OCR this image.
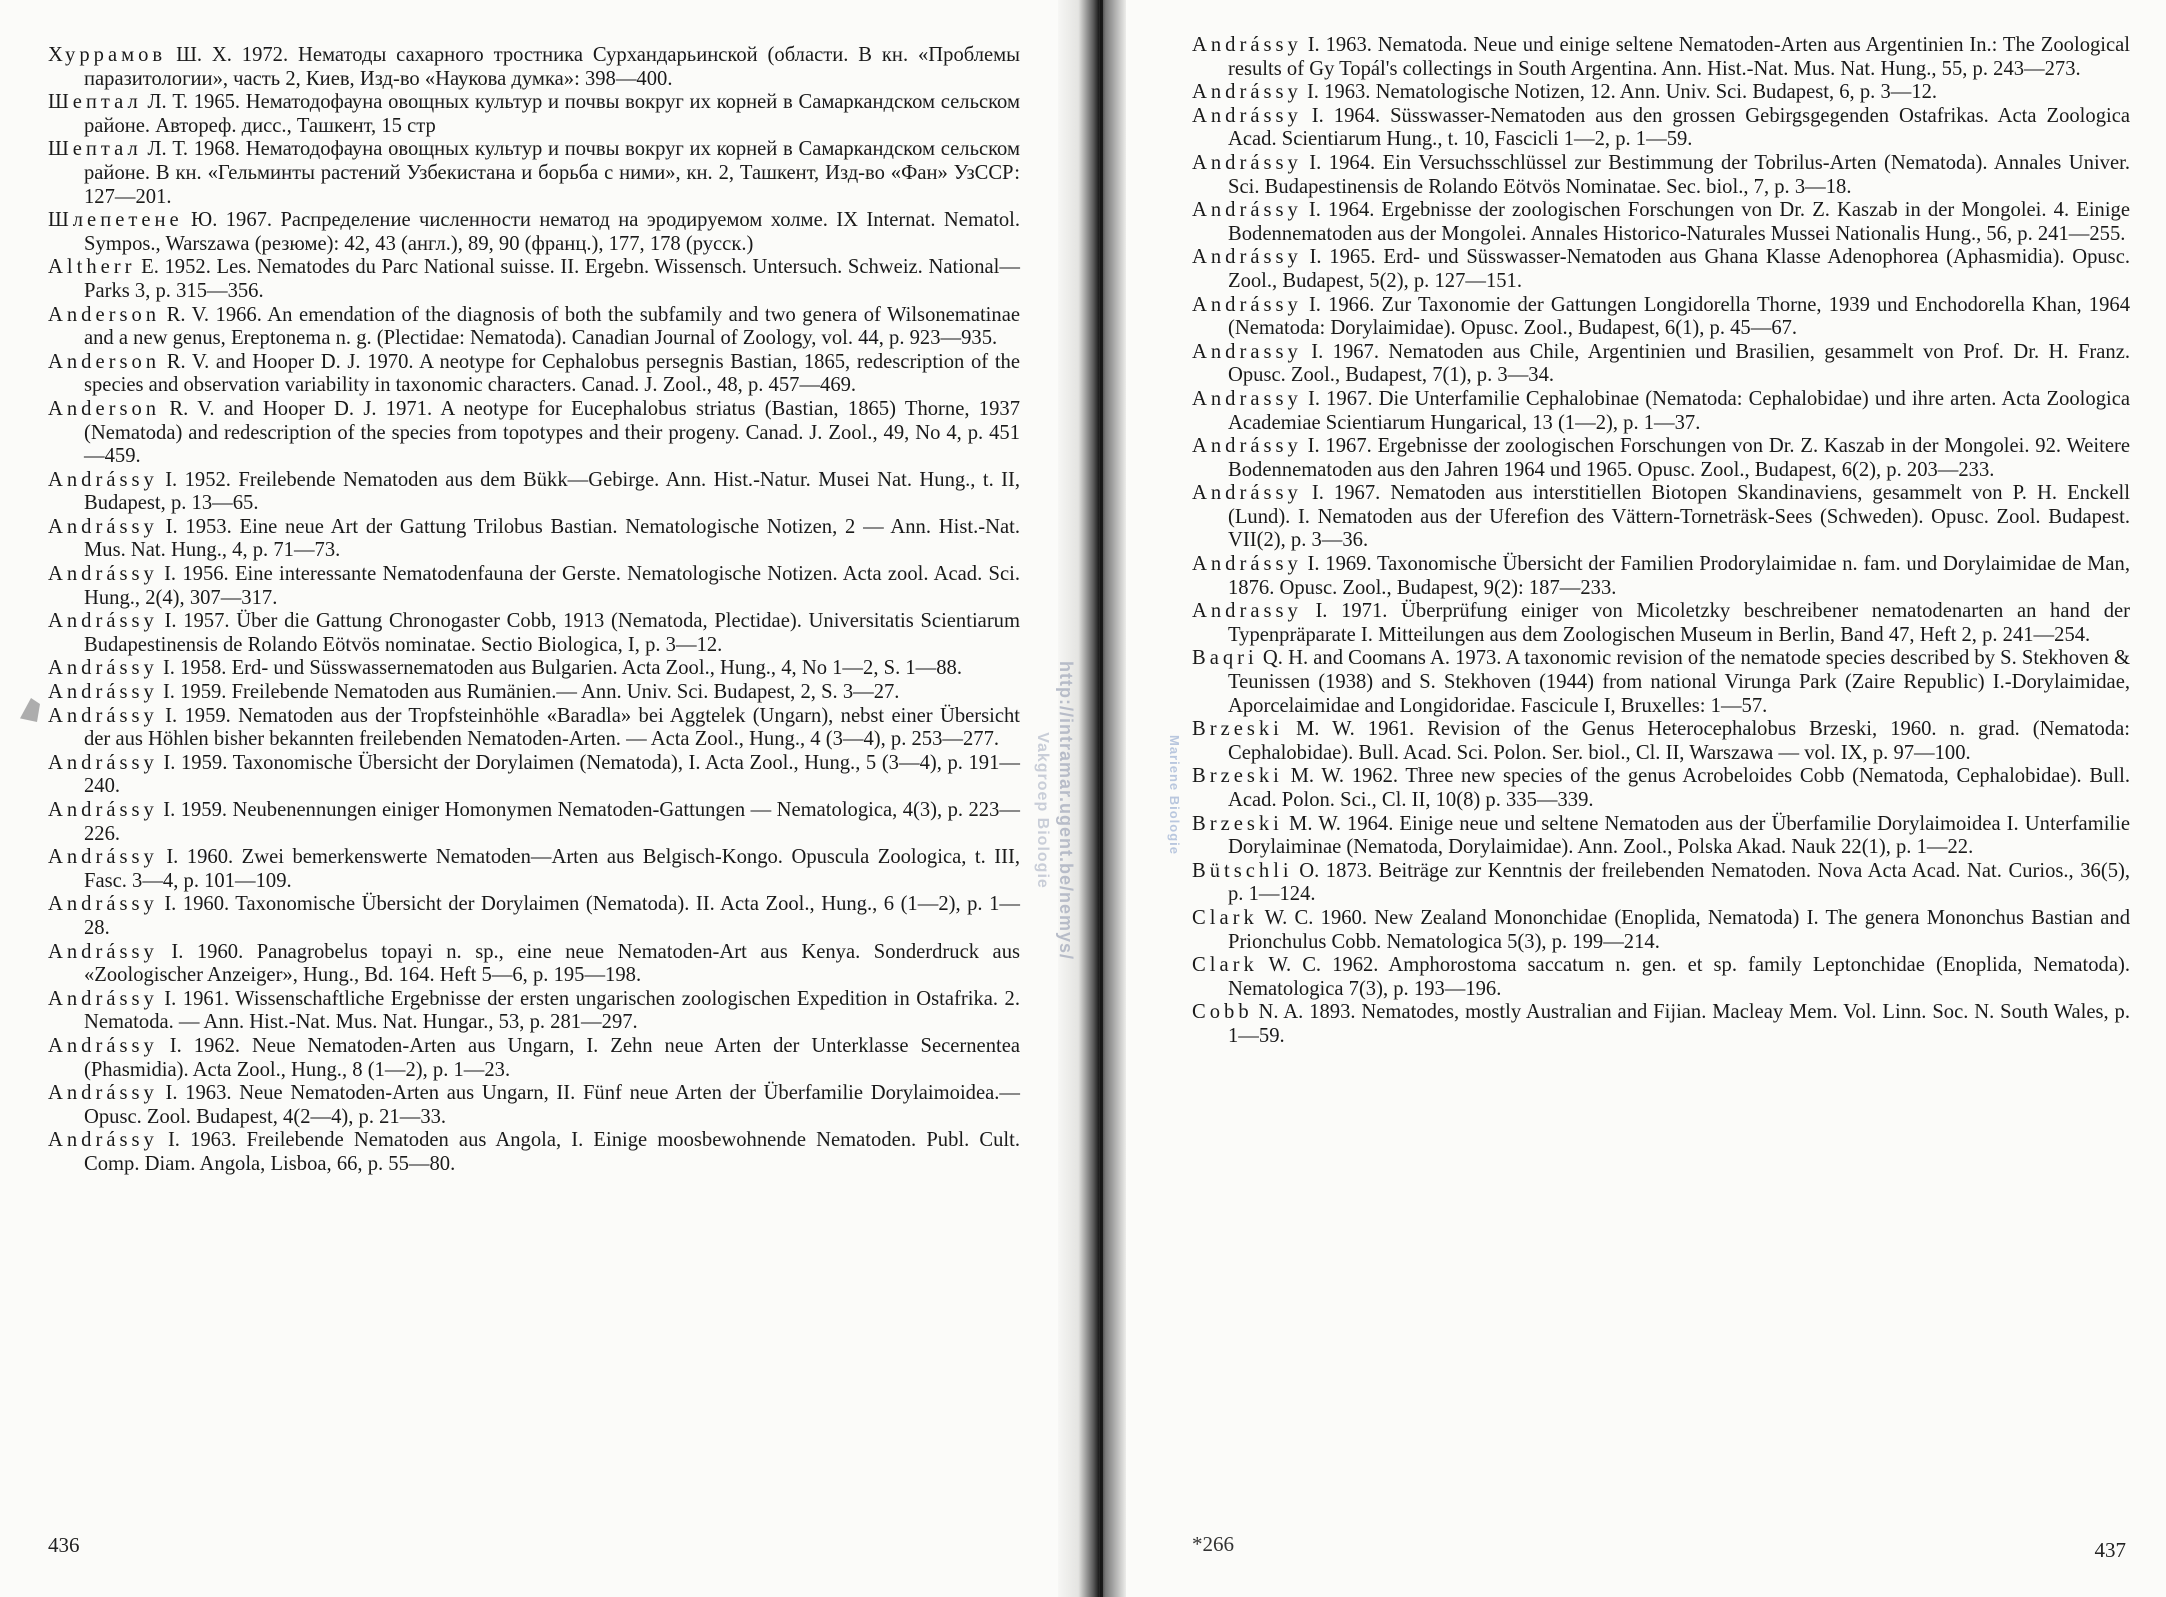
Хуррамов Ш. Х. 1972. Нематоды сахарного тростника Сурхандарьинской (области. В кн. «Проблемы паразитологии», часть 2, Киев, Изд-во «Наукова думка»: 398—400.
Шептал Л. Т. 1965. Нематодофауна овощных культур и почвы вокруг их корней в Самаркандском сельском районе. Автореф. дисс., Ташкент, 15 стр
Шептал Л. Т. 1968. Нематодофауна овощных культур и почвы вокруг их корней в Самаркандском сельском районе. В кн. «Гельминты растений Узбекистана и борьба с ними», кн. 2, Ташкент, Изд-во «Фан» УзССР: 127—201.
Шлепетене Ю. 1967. Распределение численности нематод на эродируемом холме. IX Internat. Nematol. Sympos., Warszawa (резюме): 42, 43 (англ.), 89, 90 (франц.), 177, 178 (русск.)
Altherr E. 1952. Les. Nematodes du Parc National suisse. II. Ergebn. Wissensch. Untersuch. Schweiz. National—Parks 3, p. 315—356.
Anderson R. V. 1966. An emendation of the diagnosis of both the subfamily and two genera of Wilsonematinae and a new genus, Ereptonema n. g. (Plectidae: Nematoda). Canadian Journal of Zoology, vol. 44, p. 923—935.
Anderson R. V. and Hooper D. J. 1970. A neotype for Cephalobus persegnis Bastian, 1865, redescription of the species and observation variability in taxonomic characters. Canad. J. Zool., 48, p. 457—469.
Anderson R. V. and Hooper D. J. 1971. A neotype for Eucephalobus striatus (Bastian, 1865) Thorne, 1937 (Nematoda) and redescription of the species from topotypes and their progeny. Canad. J. Zool., 49, No 4, p. 451—459.
Andrássy I. 1952. Freilebende Nematoden aus dem Bükk—Gebirge. Ann. Hist.-Natur. Musei Nat. Hung., t. II, Budapest, p. 13—65.
Andrássy I. 1953. Eine neue Art der Gattung Trilobus Bastian. Nematologische Notizen, 2 — Ann. Hist.-Nat. Mus. Nat. Hung., 4, p. 71—73.
Andrássy I. 1956. Eine interessante Nematodenfauna der Gerste. Nematologische Notizen. Acta zool. Acad. Sci. Hung., 2(4), 307—317.
Andrássy I. 1957. Über die Gattung Chronogaster Cobb, 1913 (Nematoda, Plectidae). Universitatis Scientiarum Budapestinensis de Rolando Eötvös nominatae. Sectio Biologica, I, p. 3—12.
Andrássy I. 1958. Erd- und Süsswassernematoden aus Bulgarien. Acta Zool., Hung., 4, No 1—2, S. 1—88.
Andrássy I. 1959. Freilebende Nematoden aus Rumänien.— Ann. Univ. Sci. Budapest, 2, S. 3—27.
Andrássy I. 1959. Nematoden aus der Tropfsteinhöhle «Baradla» bei Aggtelek (Ungarn), nebst einer Übersicht der aus Höhlen bisher bekannten freilebenden Nematoden-Arten. — Acta Zool., Hung., 4 (3—4), p. 253—277.
Andrássy I. 1959. Taxonomische Übersicht der Dorylaimen (Nematoda), I. Acta Zool., Hung., 5 (3—4), p. 191—240.
Andrássy I. 1959. Neubenennungen einiger Homonymen Nematoden-Gattungen — Nematologica, 4(3), p. 223—226.
Andrássy I. 1960. Zwei bemerkenswerte Nematoden—Arten aus Belgisch-Kongo. Opuscula Zoologica, t. III, Fasc. 3—4, p. 101—109.
Andrássy I. 1960. Taxonomische Übersicht der Dorylaimen (Nematoda). II. Acta Zool., Hung., 6 (1—2), p. 1—28.
Andrássy I. 1960. Panagrobelus topayi n. sp., eine neue Nematoden-Art aus Kenya. Sonderdruck aus «Zoologischer Anzeiger», Hung., Bd. 164. Heft 5—6, p. 195—198.
Andrássy I. 1961. Wissenschaftliche Ergebnisse der ersten ungarischen zoologischen Expedition in Ostafrika. 2. Nematoda. — Ann. Hist.-Nat. Mus. Nat. Hungar., 53, p. 281—297.
Andrássy I. 1962. Neue Nematoden-Arten aus Ungarn, I. Zehn neue Arten der Unterklasse Secernentea (Phasmidia). Acta Zool., Hung., 8 (1—2), p. 1—23.
Andrássy I. 1963. Neue Nematoden-Arten aus Ungarn, II. Fünf neue Arten der Überfamilie Dorylaimoidea.—Opusc. Zool. Budapest, 4(2—4), p. 21—33.
Andrássy I. 1963. Freilebende Nematoden aus Angola, I. Einige moosbewohnende Nematoden. Publ. Cult. Comp. Diam. Angola, Lisboa, 66, p. 55—80.
436
http://intramar.ugent.be/nemys/
Vakgroep Biologie	Mariene Biologie
Andrássy I. 1963. Nematoda. Neue und einige seltene Nematoden-Arten aus Argentinien In.: The Zoological results of Gy Topál's collectings in South Argentina. Ann. Hist.-Nat. Mus. Nat. Hung., 55, p. 243—273.
Andrássy I. 1963. Nematologische Notizen, 12. Ann. Univ. Sci. Budapest, 6, p. 3—12.
Andrássy I. 1964. Süsswasser-Nematoden aus den grossen Gebirgsgegenden Ostafrikas. Acta Zoologica Acad. Scientiarum Hung., t. 10, Fascicli 1—2, p. 1—59.
Andrássy I. 1964. Ein Versuchsschlüssel zur Bestimmung der Tobrilus-Arten (Nematoda). Annales Univer. Sci. Budapestinensis de Rolando Eötvös Nominatae. Sec. biol., 7, p. 3—18.
Andrássy I. 1964. Ergebnisse der zoologischen Forschungen von Dr. Z. Kaszab in der Mongolei. 4. Einige Bodennematoden aus der Mongolei. Annales Historico-Naturales Mussei Nationalis Hung., 56, p. 241—255.
Andrássy I. 1965. Erd- und Süsswasser-Nematoden aus Ghana Klasse Adenophorea (Aphasmidia). Opusc. Zool., Budapest, 5(2), p. 127—151.
Andrássy I. 1966. Zur Taxonomie der Gattungen Longidorella Thorne, 1939 und Enchodorella Khan, 1964 (Nematoda: Dorylaimidae). Opusc. Zool., Budapest, 6(1), p. 45—67.
Andrassy I. 1967. Nematoden aus Chile, Argentinien und Brasilien, gesammelt von Prof. Dr. H. Franz. Opusc. Zool., Budapest, 7(1), p. 3—34.
Andrassy I. 1967. Die Unterfamilie Cephalobinae (Nematoda: Cephalobidae) und ihre arten. Acta Zoologica Academiae Scientiarum Hungarical, 13 (1—2), p. 1—37.
Andrássy I. 1967. Ergebnisse der zoologischen Forschungen von Dr. Z. Kaszab in der Mongolei. 92. Weitere Bodennematoden aus den Jahren 1964 und 1965. Opusc. Zool., Budapest, 6(2), p. 203—233.
Andrássy I. 1967. Nematoden aus interstitiellen Biotopen Skandinaviens, gesammelt von P. H. Enckell (Lund). I. Nematoden aus der Uferefion des Vättern-Torneträsk-Sees (Schweden). Opusc. Zool. Budapest. VII(2), p. 3—36.
Andrássy I. 1969. Taxonomische Übersicht der Familien Prodorylaimidae n. fam. und Dorylaimidae de Man, 1876. Opusc. Zool., Budapest, 9(2): 187—233.
Andrassy I. 1971. Überprüfung einiger von Micoletzky beschreibener nematodenarten an hand der Typenpräparate I. Mitteilungen aus dem Zoologischen Museum in Berlin, Band 47, Heft 2, p. 241—254.
Baqri Q. H. and Coomans A. 1973. A taxonomic revision of the nematode species described by S. Stekhoven & Teunissen (1938) and S. Stekhoven (1944) from national Virunga Park (Zaire Republic) I.-Dorylaimidae, Aporcelaimidae and Longidoridae. Fascicule I, Bruxelles: 1—57.
Brzeski M. W. 1961. Revision of the Genus Heterocephalobus Brzeski, 1960. n. grad. (Nematoda: Cephalobidae). Bull. Acad. Sci. Polon. Ser. biol., Cl. II, Warszawa — vol. IX, p. 97—100.
Brzeski M. W. 1962. Three new species of the genus Acrobeloides Cobb (Nematoda, Cephalobidae). Bull. Acad. Polon. Sci., Cl. II, 10(8) p. 335—339.
Brzeski M. W. 1964. Einige neue und seltene Nematoden aus der Überfamilie Dorylaimoidea I. Unterfamilie Dorylaiminae (Nematoda, Dorylaimidae). Ann. Zool., Polska Akad. Nauk 22(1), p. 1—22.
Bütschli O. 1873. Beiträge zur Kenntnis der freilebenden Nematoden. Nova Acta Acad. Nat. Curios., 36(5), p. 1—124.
Clark W. C. 1960. New Zealand Mononchidae (Enoplida, Nematoda) I. The genera Mononchus Bastian and Prionchulus Cobb. Nematologica 5(3), p. 199—214.
Clark W. C. 1962. Amphorostoma saccatum n. gen. et sp. family Leptonchidae (Enoplida, Nematoda). Nematologica 7(3), p. 193—196.
Cobb N. A. 1893. Nematodes, mostly Australian and Fijian. Macleay Mem. Vol. Linn. Soc. N. South Wales, p. 1—59.
*266	437
